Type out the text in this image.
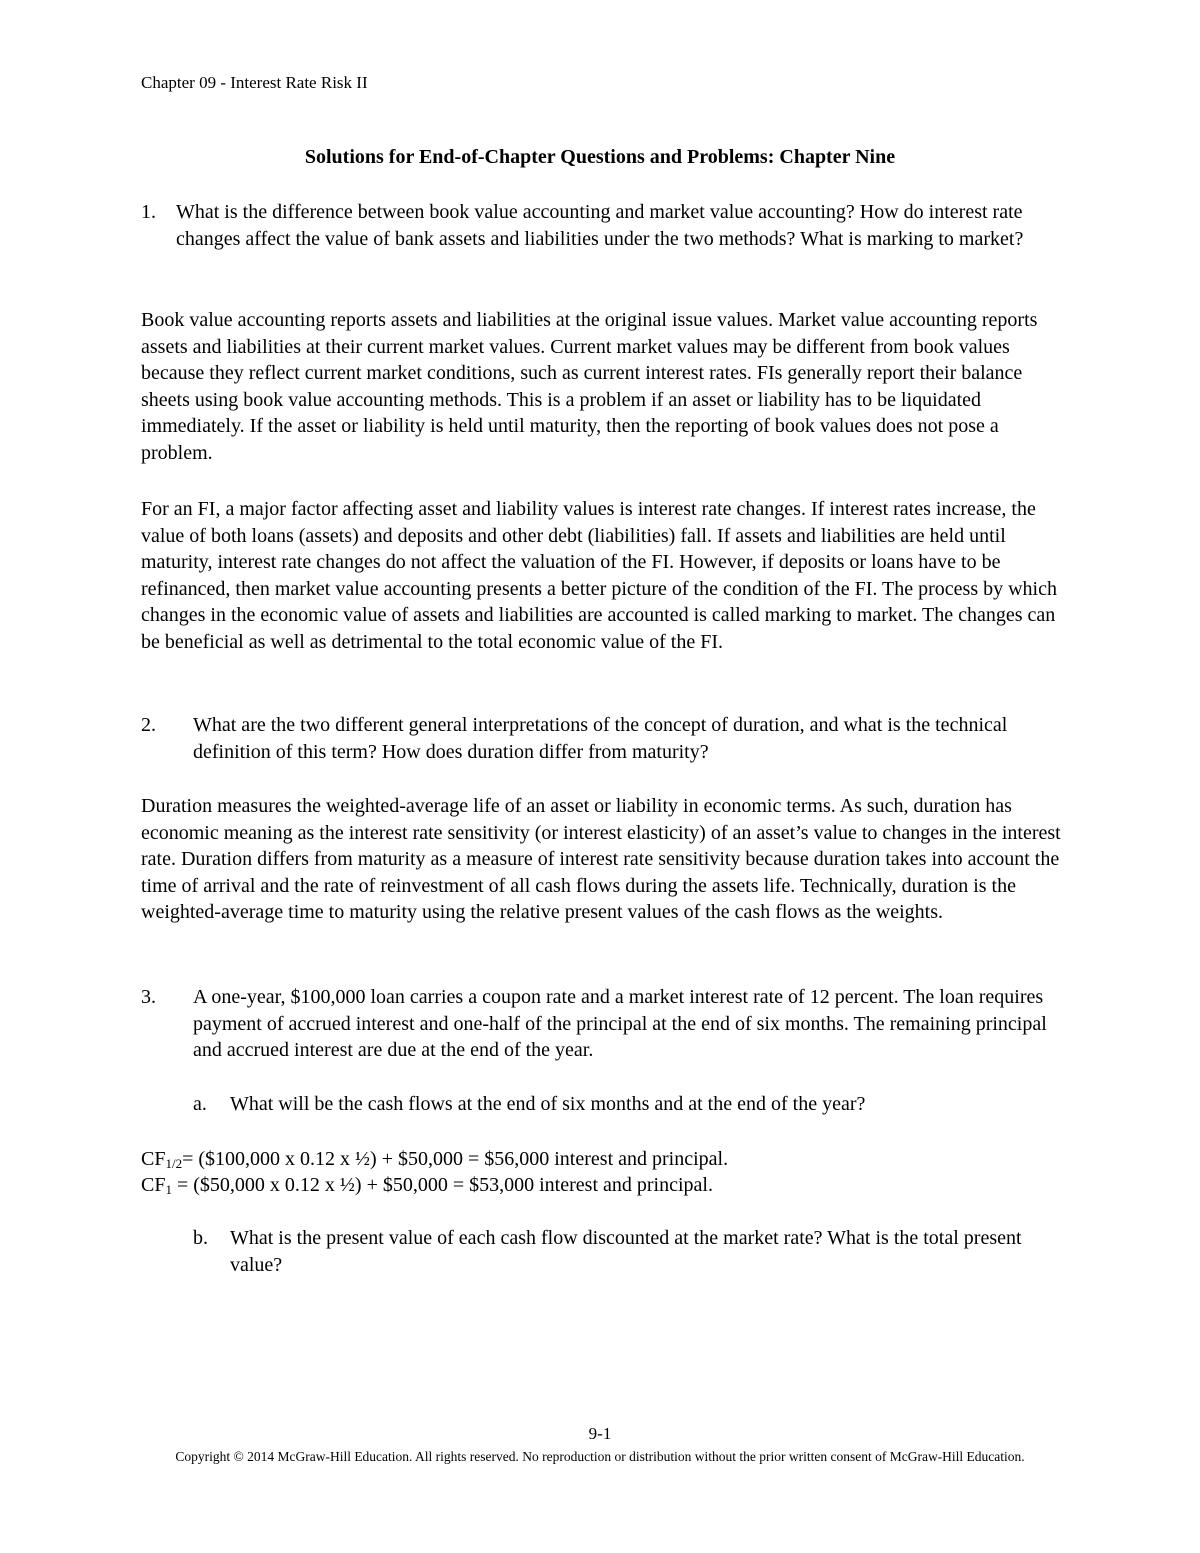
Chapter 09 - Interest Rate Risk II
Solutions for End-of-Chapter Questions and Problems: Chapter Nine
1. What is the difference between book value accounting and market value accounting? How do interest rate changes affect the value of bank assets and liabilities under the two methods? What is marking to market?
Book value accounting reports assets and liabilities at the original issue values. Market value accounting reports assets and liabilities at their current market values. Current market values may be different from book values because they reflect current market conditions, such as current interest rates. FIs generally report their balance sheets using book value accounting methods. This is a problem if an asset or liability has to be liquidated immediately. If the asset or liability is held until maturity, then the reporting of book values does not pose a problem.
For an FI, a major factor affecting asset and liability values is interest rate changes. If interest rates increase, the value of both loans (assets) and deposits and other debt (liabilities) fall. If assets and liabilities are held until maturity, interest rate changes do not affect the valuation of the FI. However, if deposits or loans have to be refinanced, then market value accounting presents a better picture of the condition of the FI. The process by which changes in the economic value of assets and liabilities are accounted is called marking to market. The changes can be beneficial as well as detrimental to the total economic value of the FI.
2. What are the two different general interpretations of the concept of duration, and what is the technical definition of this term? How does duration differ from maturity?
Duration measures the weighted-average life of an asset or liability in economic terms. As such, duration has economic meaning as the interest rate sensitivity (or interest elasticity) of an asset’s value to changes in the interest rate. Duration differs from maturity as a measure of interest rate sensitivity because duration takes into account the time of arrival and the rate of reinvestment of all cash flows during the assets life. Technically, duration is the weighted-average time to maturity using the relative present values of the cash flows as the weights.
3. A one-year, $100,000 loan carries a coupon rate and a market interest rate of 12 percent. The loan requires payment of accrued interest and one-half of the principal at the end of six months. The remaining principal and accrued interest are due at the end of the year.
a. What will be the cash flows at the end of six months and at the end of the year?
$CF_{1/2}=$ ($100,000 x 0.12 x ½) + $50,000 = $56,000 interest and principal.
$CF_1$ = ($50,000 x 0.12 x ½) + $50,000 = $53,000 interest and principal.
b. What is the present value of each cash flow discounted at the market rate? What is the total present value?
9-1
Copyright © 2014 McGraw-Hill Education. All rights reserved. No reproduction or distribution without the prior written consent of McGraw-Hill Education.
